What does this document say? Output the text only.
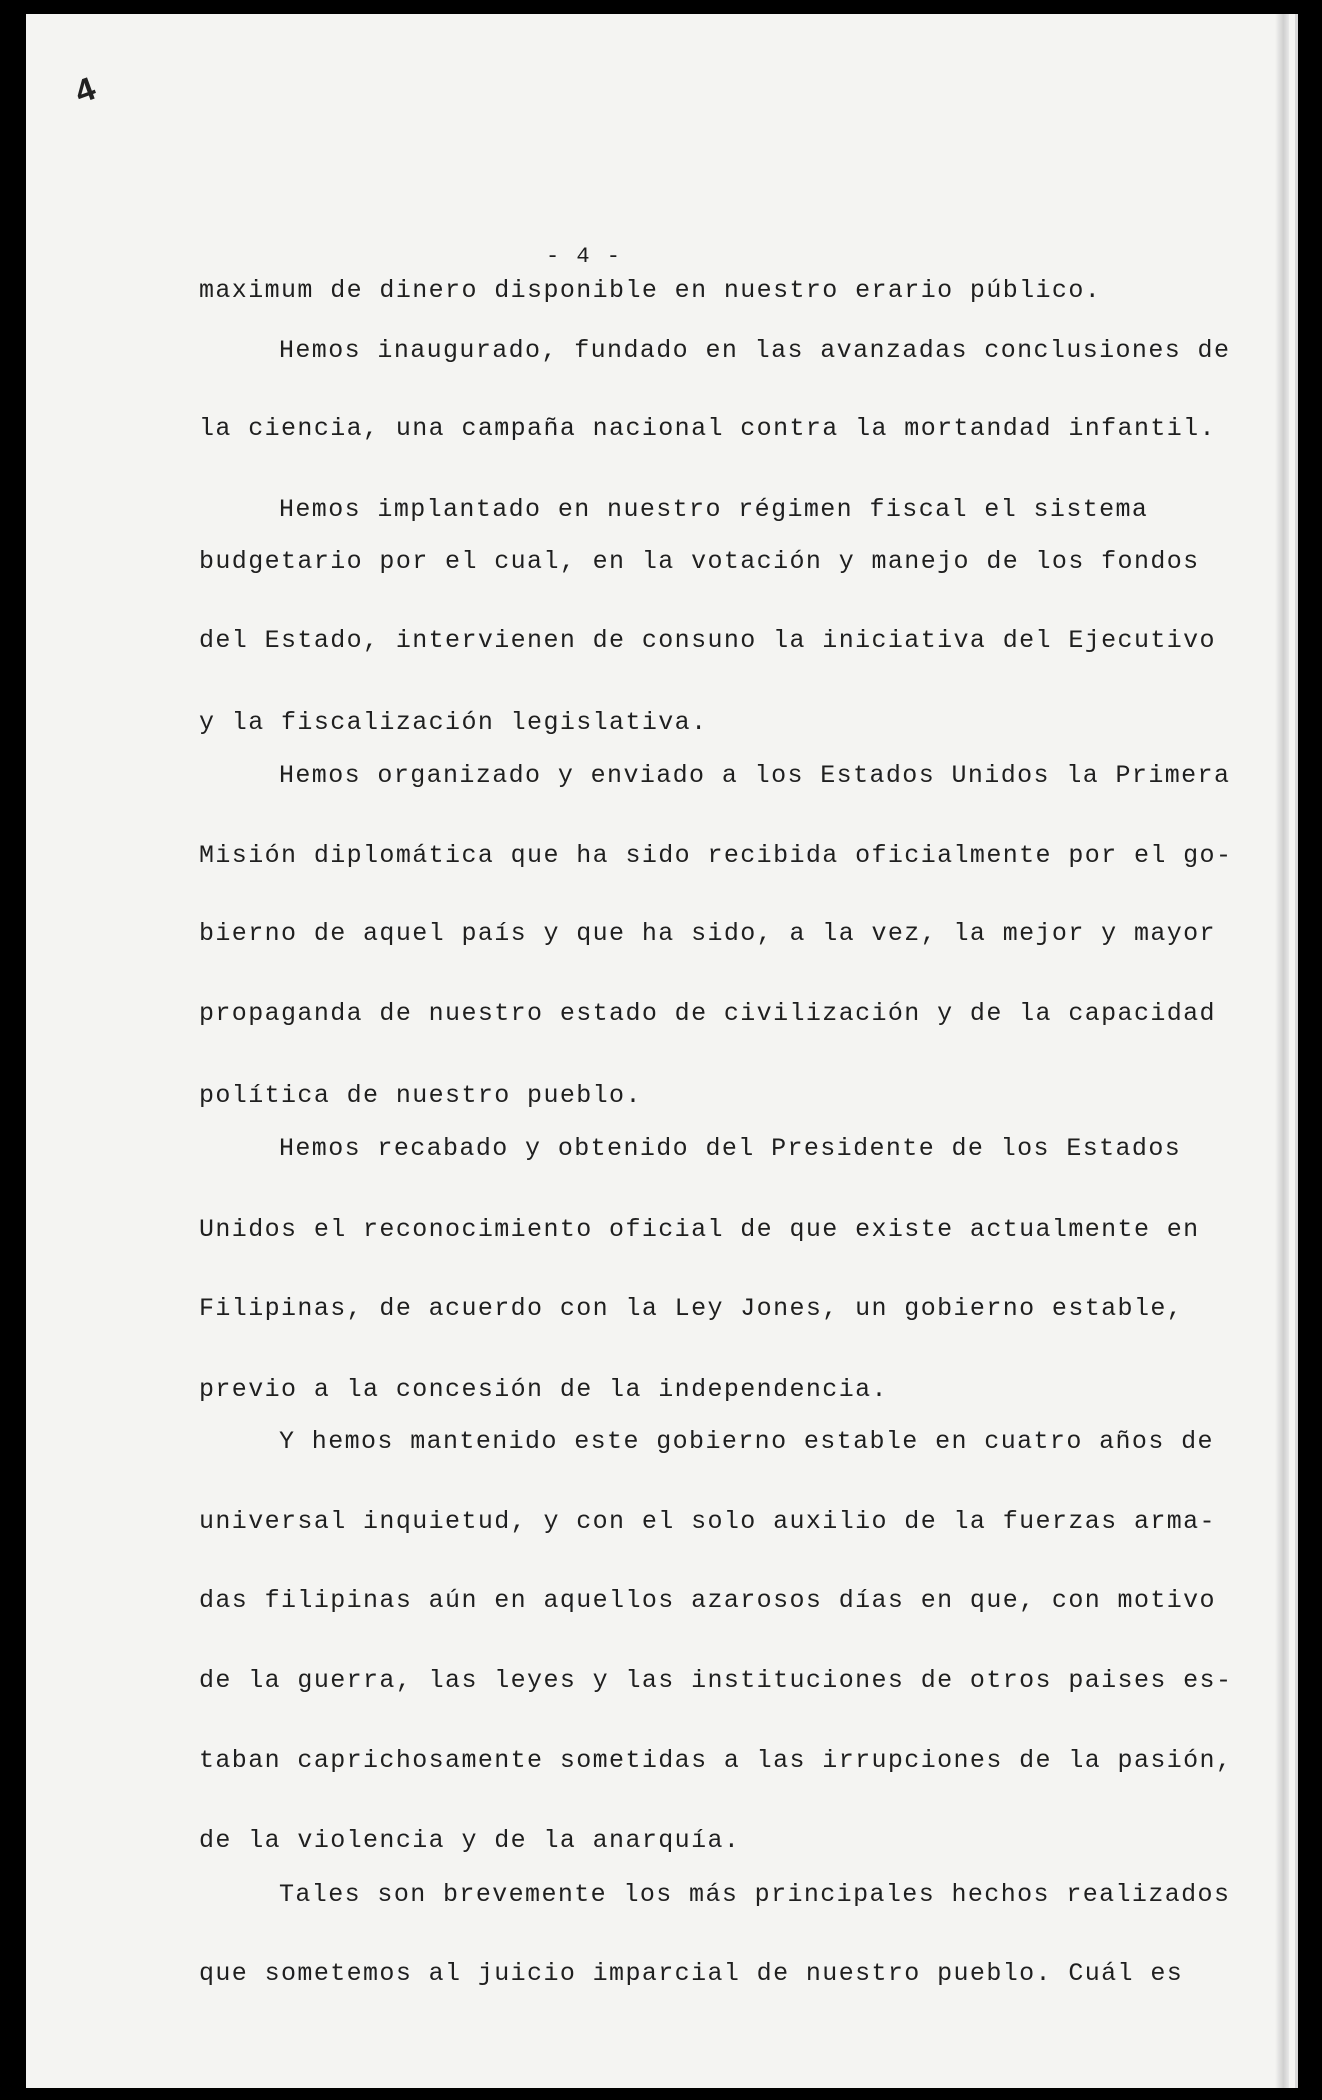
4
- 4 -
maximum de dinero disponible en nuestro erario público.
Hemos inaugurado, fundado en las avanzadas conclusiones de
la ciencia, una campaña nacional contra la mortandad infantil.
Hemos implantado en nuestro régimen fiscal el sistema
budgetario por el cual, en la votación y manejo de los fondos
del Estado, intervienen de consuno la iniciativa del Ejecutivo
y la fiscalización legislativa.
Hemos organizado y enviado a los Estados Unidos la Primera
Misión diplomática que ha sido recibida oficialmente por el go-
bierno de aquel país y que ha sido, a la vez, la mejor y mayor
propaganda de nuestro estado de civilización y de la capacidad
política de nuestro pueblo.
Hemos recabado y obtenido del Presidente de los Estados
Unidos el reconocimiento oficial de que existe actualmente en
Filipinas, de acuerdo con la Ley Jones, un gobierno estable,
previo a la concesión de la independencia.
Y hemos mantenido este gobierno estable en cuatro años de
universal inquietud, y con el solo auxilio de la fuerzas arma-
das filipinas aún en aquellos azarosos días en que, con motivo
de la guerra, las leyes y las instituciones de otros paises es-
taban caprichosamente sometidas a las irrupciones de la pasión,
de la violencia y de la anarquía.
Tales son brevemente los más principales hechos realizados
que sometemos al juicio imparcial de nuestro pueblo. Cuál es
